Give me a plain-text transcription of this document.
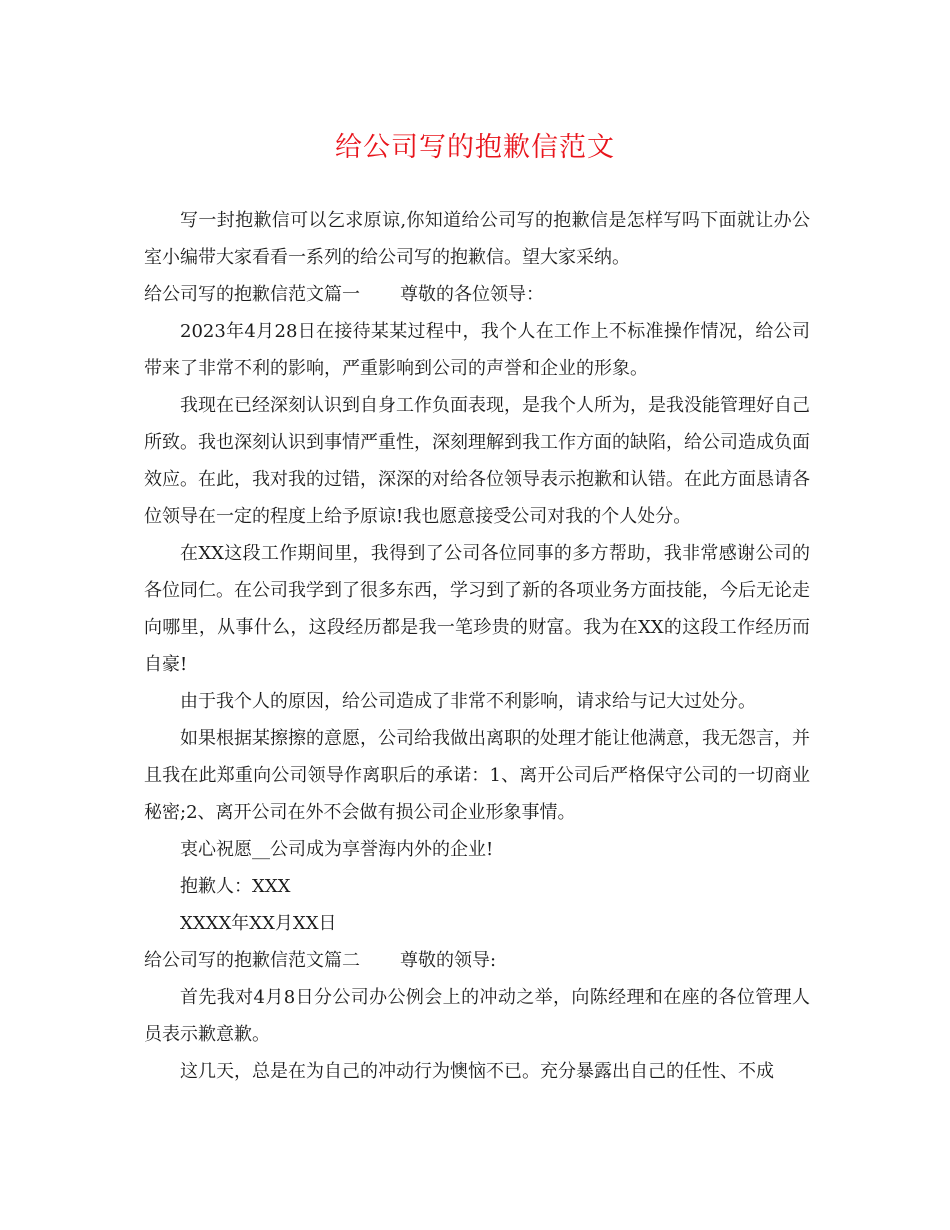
给公司写的抱歉信范文

写一封抱歉信可以乞求原谅,你知道给公司写的抱歉信是怎样写吗下面就让办公室小编带大家看看一系列的给公司写的抱歉信。望大家采纳。

给公司写的抱歉信范文篇一 尊敬的各位领导：

2023年4月28日在接待某某过程中，我个人在工作上不标准操作情况，给公司带来了非常不利的影响，严重影响到公司的声誉和企业的形象。

我现在已经深刻认识到自身工作负面表现，是我个人所为，是我没能管理好自己所致。我也深刻认识到事情严重性，深刻理解到我工作方面的缺陷，给公司造成负面效应。在此，我对我的过错，深深的对给各位领导表示抱歉和认错。在此方面恳请各位领导在一定的程度上给予原谅!我也愿意接受公司对我的个人处分。

在XX这段工作期间里，我得到了公司各位同事的多方帮助，我非常感谢公司的各位同仁。在公司我学到了很多东西，学习到了新的各项业务方面技能，今后无论走向哪里，从事什么，这段经历都是我一笔珍贵的财富。我为在XX的这段工作经历而自豪!

由于我个人的原因，给公司造成了非常不利影响，请求给与记大过处分。

如果根据某擦擦的意愿，公司给我做出离职的处理才能让他满意，我无怨言，并且我在此郑重向公司领导作离职后的承诺：1、离开公司后严格保守公司的一切商业秘密;2、离开公司在外不会做有损公司企业形象事情。

衷心祝愿__公司成为享誉海内外的企业!

抱歉人：XXX

XXXX年XX月XX日

给公司写的抱歉信范文篇二 尊敬的领导:

首先我对4月8日分公司办公例会上的冲动之举，向陈经理和在座的各位管理人员表示歉意歉。

这几天，总是在为自己的冲动行为懊恼不已。充分暴露出自己的任性、不成
